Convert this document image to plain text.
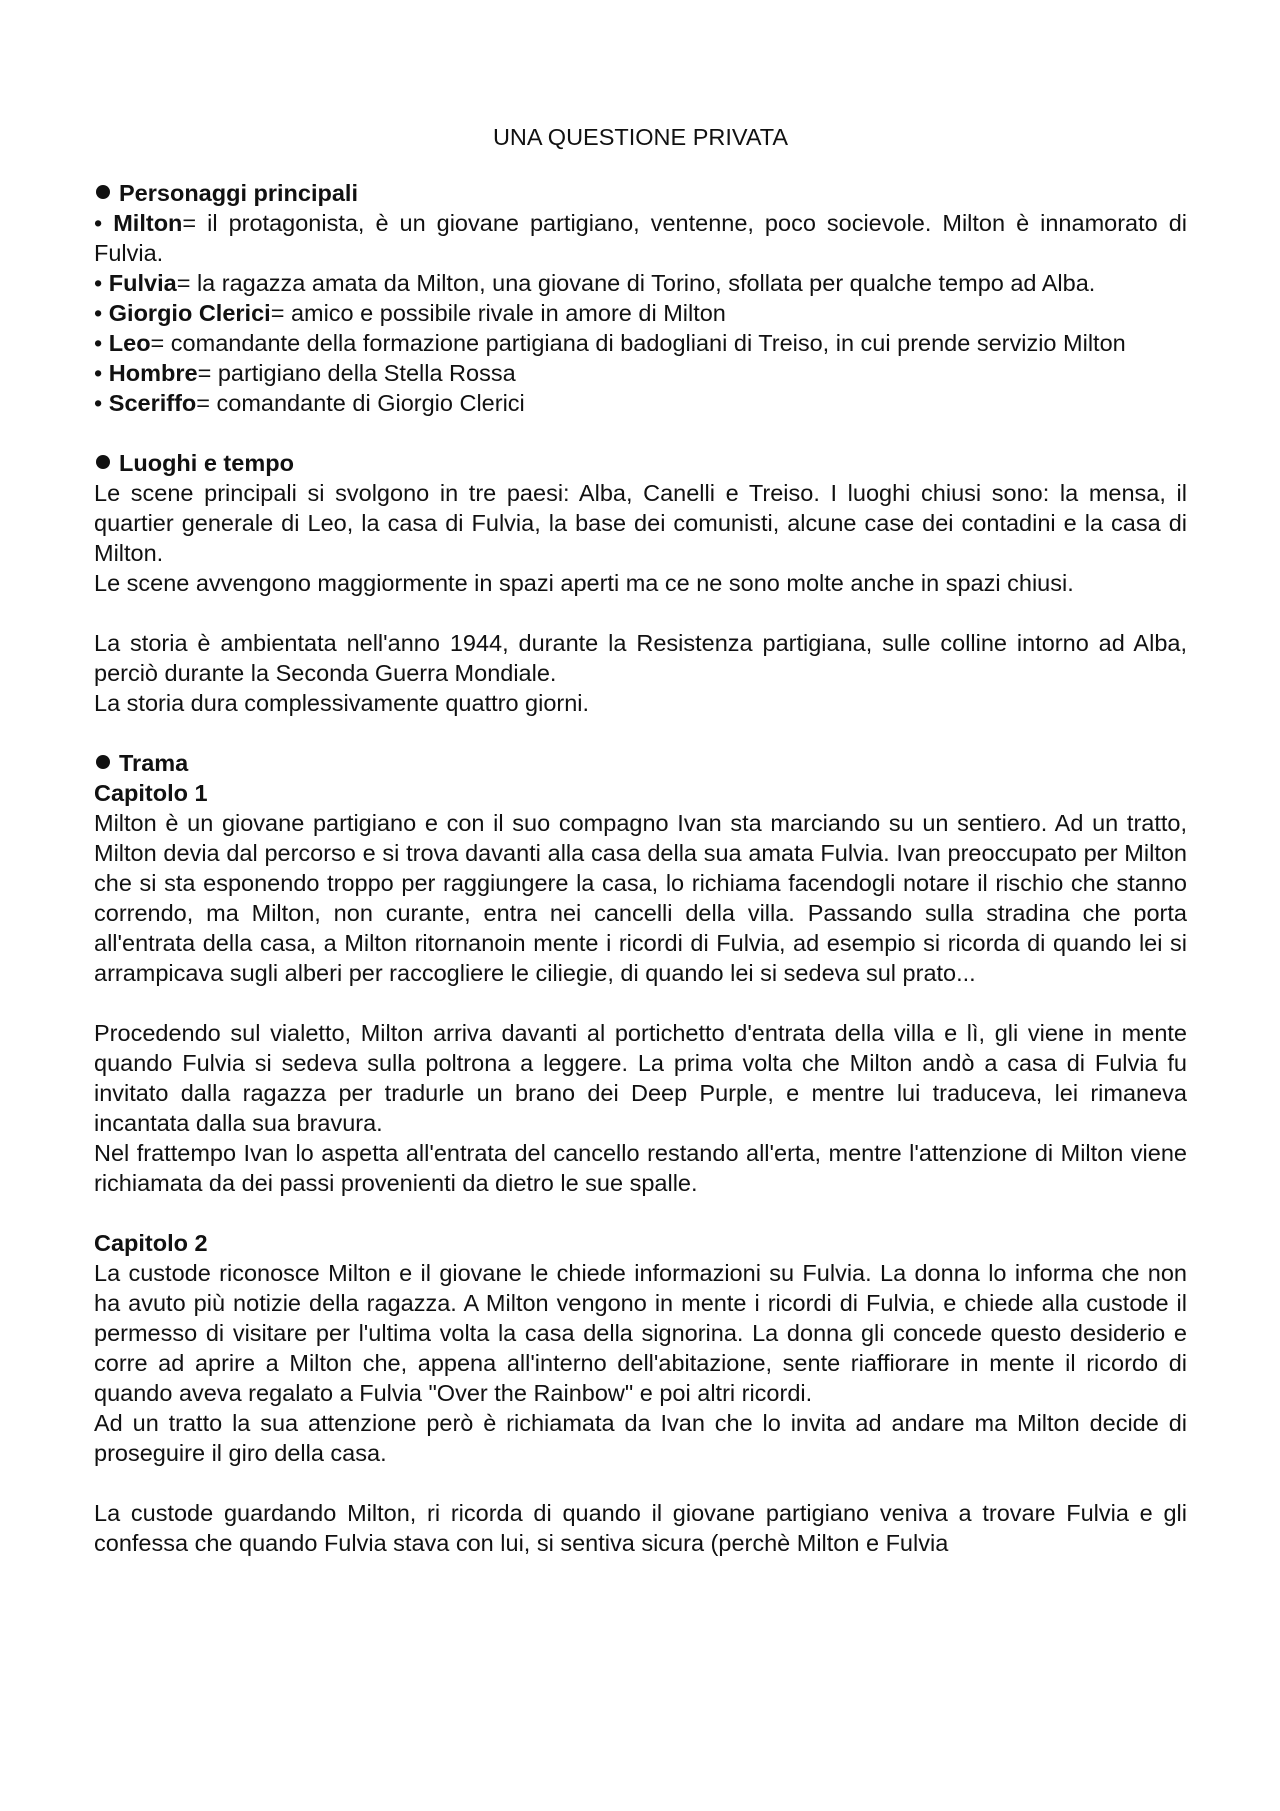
UNA QUESTIONE PRIVATA
Personaggi principali
• Milton= il protagonista, è un giovane partigiano, ventenne, poco socievole. Milton è innamorato di Fulvia.
• Fulvia= la ragazza amata da Milton, una giovane di Torino, sfollata per qualche tempo ad Alba.
• Giorgio Clerici= amico e possibile rivale in amore di Milton
• Leo= comandante della formazione partigiana di badogliani di Treiso, in cui prende servizio Milton
• Hombre= partigiano della Stella Rossa
• Sceriffo= comandante di Giorgio Clerici
Luoghi e tempo

Le scene principali si svolgono in tre paesi: Alba, Canelli e Treiso. I luoghi chiusi sono: la mensa, il quartier generale di Leo, la casa di Fulvia, la base dei comunisti, alcune case dei contadini e la casa di Milton.

Le scene avvengono maggiormente in spazi aperti ma ce ne sono molte anche in spazi chiusi.

La storia è ambientata nell'anno 1944, durante la Resistenza partigiana, sulle colline intorno ad Alba, perciò durante la Seconda Guerra Mondiale.

La storia dura complessivamente quattro giorni.

Trama
Capitolo 1

Milton è un giovane partigiano e con il suo compagno Ivan sta marciando su un sentiero. Ad un tratto, Milton devia dal percorso e si trova davanti alla casa della sua amata Fulvia. Ivan preoccupato per Milton che si sta esponendo troppo per raggiungere la casa, lo richiama facendogli notare il rischio che stanno correndo, ma Milton, non curante, entra nei cancelli della villa. Passando sulla stradina che porta all'entrata della casa, a Milton ritornanoin mente i ricordi di Fulvia, ad esempio si ricorda di quando lei si arrampicava sugli alberi per raccogliere le ciliegie, di quando lei si sedeva sul prato...

Procedendo sul vialetto, Milton arriva davanti al portichetto d'entrata della villa e lì, gli viene in mente quando Fulvia si sedeva sulla poltrona a leggere. La prima volta che Milton andò a casa di Fulvia fu invitato dalla ragazza per tradurle un brano dei Deep Purple, e mentre lui traduceva, lei rimaneva incantata dalla sua bravura.

Nel frattempo Ivan lo aspetta all'entrata del cancello restando all'erta, mentre l'attenzione di Milton viene richiamata da dei passi provenienti da dietro le sue spalle.

Capitolo 2

La custode riconosce Milton e il giovane le chiede informazioni su Fulvia. La donna lo informa che non ha avuto più notizie della ragazza. A Milton vengono in mente i ricordi di Fulvia, e chiede alla custode il permesso di visitare per l'ultima volta la casa della signorina. La donna gli concede questo desiderio e corre ad aprire a Milton che, appena all'interno dell'abitazione, sente riaffiorare in mente il ricordo di quando aveva regalato a Fulvia "Over the Rainbow" e poi altri ricordi.

Ad un tratto la sua attenzione però è richiamata da Ivan che lo invita ad andare ma Milton decide di proseguire il giro della casa.

La custode guardando Milton, ri ricorda di quando il giovane partigiano veniva a trovare Fulvia e gli confessa che quando Fulvia stava con lui, si sentiva sicura (perchè Milton e Fulvia
